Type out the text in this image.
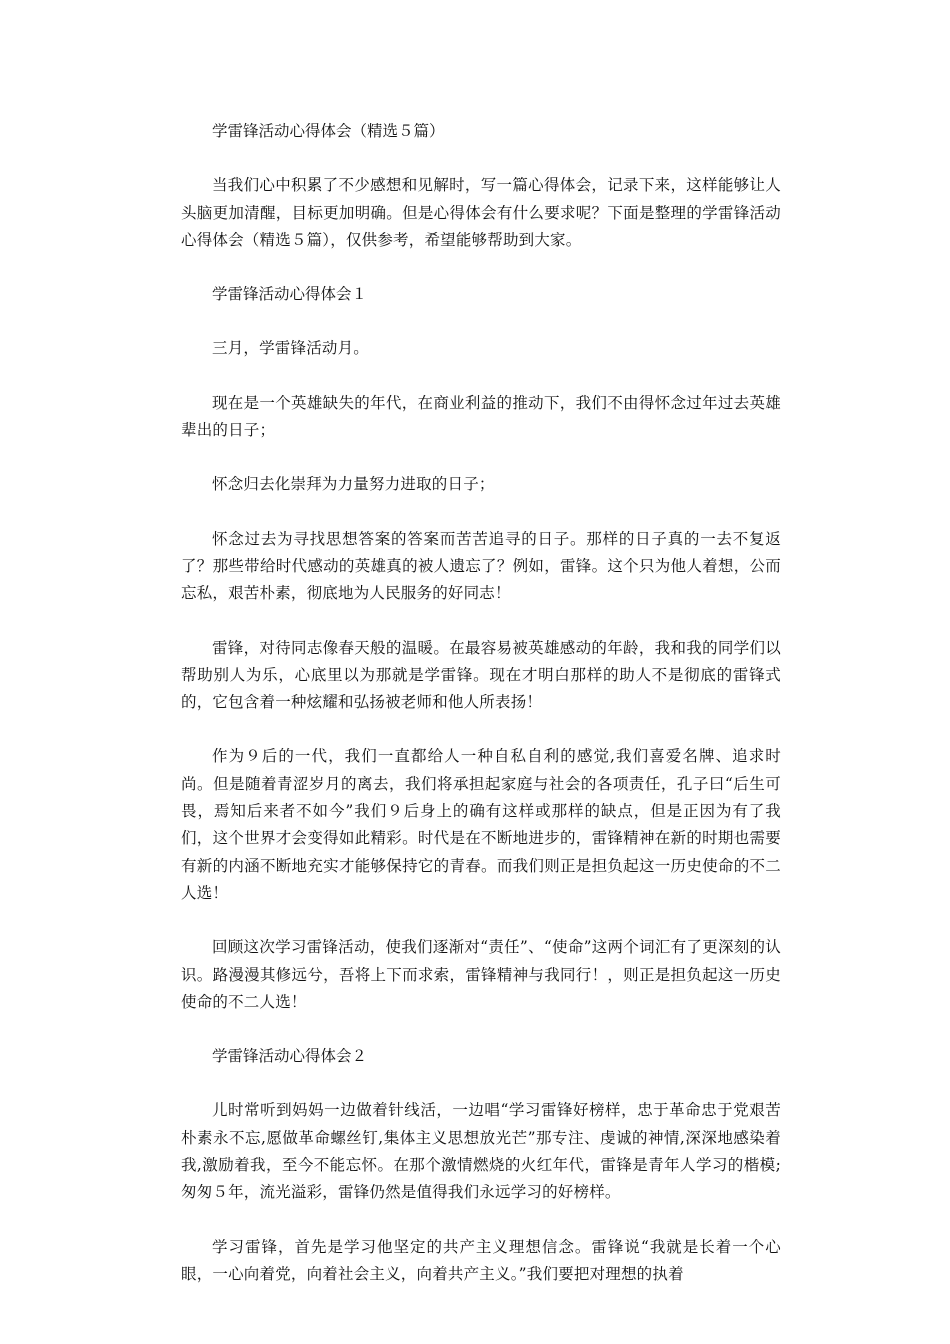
学雷锋活动心得体会（精选５篇）

当我们心中积累了不少感想和见解时，写一篇心得体会，记录下来，这样能够让人头脑更加清醒，目标更加明确。但是心得体会有什么要求呢？下面是整理的学雷锋活动心得体会（精选５篇），仅供参考，希望能够帮助到大家。

学雷锋活动心得体会１

三月，学雷锋活动月。

现在是一个英雄缺失的年代，在商业利益的推动下，我们不由得怀念过年过去英雄辈出的日子；

怀念归去化崇拜为力量努力进取的日子；

怀念过去为寻找思想答案的答案而苦苦追寻的日子。那样的日子真的一去不复返了？那些带给时代感动的英雄真的被人遗忘了？例如，雷锋。这个只为他人着想，公而忘私，艰苦朴素，彻底地为人民服务的好同志！

雷锋，对待同志像春天般的温暖。在最容易被英雄感动的年龄，我和我的同学们以帮助别人为乐，心底里以为那就是学雷锋。现在才明白那样的助人不是彻底的雷锋式的，它包含着一种炫耀和弘扬被老师和他人所表扬！

作为９后的一代，我们一直都给人一种自私自利的感觉,我们喜爱名牌、追求时尚。但是随着青涩岁月的离去，我们将承担起家庭与社会的各项责任，孔子曰“后生可畏，焉知后来者不如今”我们９后身上的确有这样或那样的缺点，但是正因为有了我们，这个世界才会变得如此精彩。时代是在不断地进步的，雷锋精神在新的时期也需要有新的内涵不断地充实才能够保持它的青春。而我们则正是担负起这一历史使命的不二人选！

回顾这次学习雷锋活动，使我们逐渐对“责任”、“使命”这两个词汇有了更深刻的认识。路漫漫其修远兮，吾将上下而求索，雷锋精神与我同行！，则正是担负起这一历史使命的不二人选！

学雷锋活动心得体会２

儿时常听到妈妈一边做着针线活，一边唱“学习雷锋好榜样，忠于革命忠于党艰苦朴素永不忘,愿做革命螺丝钉,集体主义思想放光芒”那专注、虔诚的神情,深深地感染着我,激励着我，至今不能忘怀。在那个激情燃烧的火红年代，雷锋是青年人学习的楷模;匆匆５年，流光溢彩，雷锋仍然是值得我们永远学习的好榜样。

学习雷锋，首先是学习他坚定的共产主义理想信念。雷锋说“我就是长着一个心眼，一心向着党，向着社会主义，向着共产主义。”我们要把对理想的执着
